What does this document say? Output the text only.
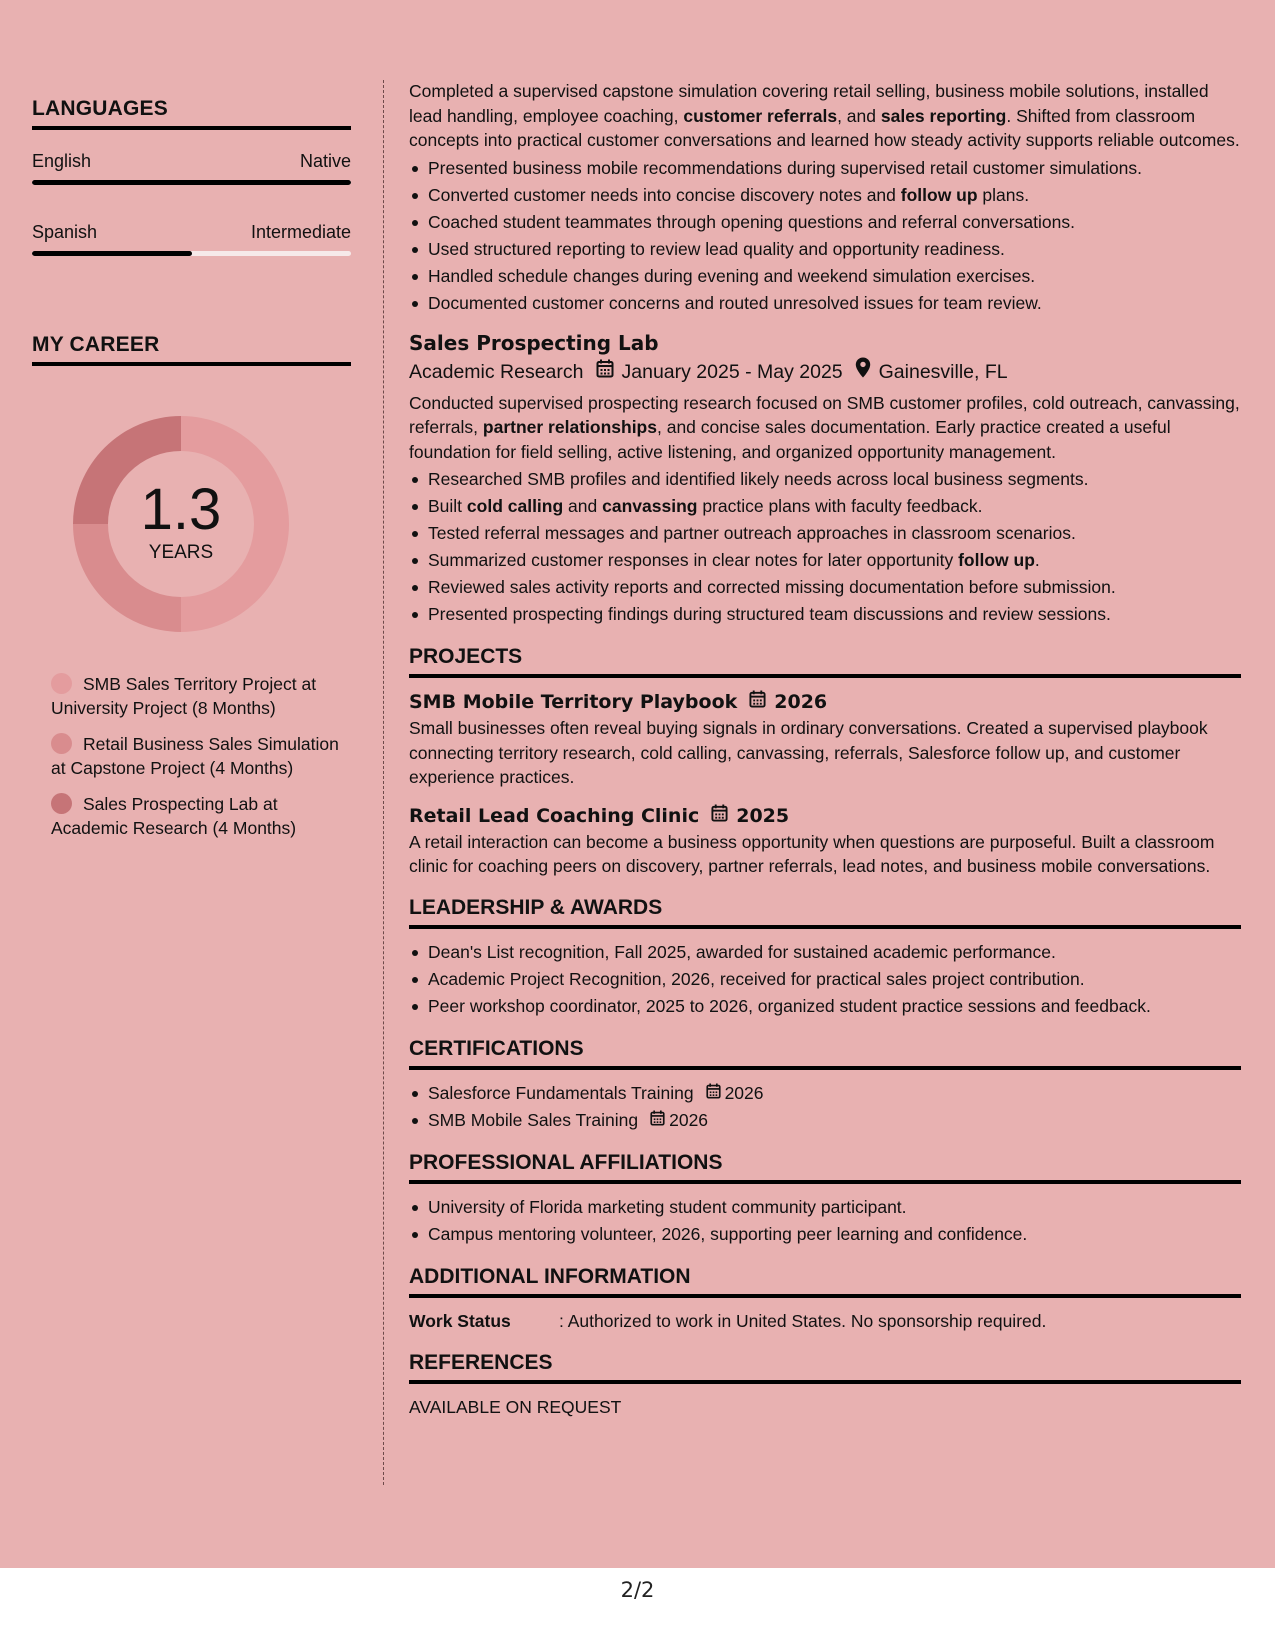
LANGUAGES
English	Native
Spanish	Intermediate
MY CAREER
1.3
YEARS
SMB Sales Territory Project at University Project (8 Months)
Retail Business Sales Simulation at Capstone Project (4 Months)
Sales Prospecting Lab at Academic Research (4 Months)
Completed a supervised capstone simulation covering retail selling, business mobile solutions, installed lead handling, employee coaching, customer referrals, and sales reporting. Shifted from classroom concepts into practical customer conversations and learned how steady activity supports reliable outcomes.
Presented business mobile recommendations during supervised retail customer simulations.
Converted customer needs into concise discovery notes and follow up plans.
Coached student teammates through opening questions and referral conversations.
Used structured reporting to review lead quality and opportunity readiness.
Handled schedule changes during evening and weekend simulation exercises.
Documented customer concerns and routed unresolved issues for team review.
Sales Prospecting Lab
Academic Research January 2025 - May 2025 Gainesville, FL
Conducted supervised prospecting research focused on SMB customer profiles, cold outreach, canvassing, referrals, partner relationships, and concise sales documentation. Early practice created a useful foundation for field selling, active listening, and organized opportunity management.
Researched SMB profiles and identified likely needs across local business segments.
Built cold calling and canvassing practice plans with faculty feedback.
Tested referral messages and partner outreach approaches in classroom scenarios.
Summarized customer responses in clear notes for later opportunity follow up.
Reviewed sales activity reports and corrected missing documentation before submission.
Presented prospecting findings during structured team discussions and review sessions.
PROJECTS
SMB Mobile Territory Playbook 2026
Small businesses often reveal buying signals in ordinary conversations. Created a supervised playbook connecting territory research, cold calling, canvassing, referrals, Salesforce follow up, and customer experience practices.
Retail Lead Coaching Clinic 2025
A retail interaction can become a business opportunity when questions are purposeful. Built a classroom clinic for coaching peers on discovery, partner referrals, lead notes, and business mobile conversations.
LEADERSHIP & AWARDS
Dean's List recognition, Fall 2025, awarded for sustained academic performance.
Academic Project Recognition, 2026, received for practical sales project contribution.
Peer workshop coordinator, 2025 to 2026, organized student practice sessions and feedback.
CERTIFICATIONS
Salesforce Fundamentals Training 2026
SMB Mobile Sales Training 2026
PROFESSIONAL AFFILIATIONS
University of Florida marketing student community participant.
Campus mentoring volunteer, 2026, supporting peer learning and confidence.
ADDITIONAL INFORMATION
Work Status	: Authorized to work in United States. No sponsorship required.
REFERENCES
AVAILABLE ON REQUEST
2/2
